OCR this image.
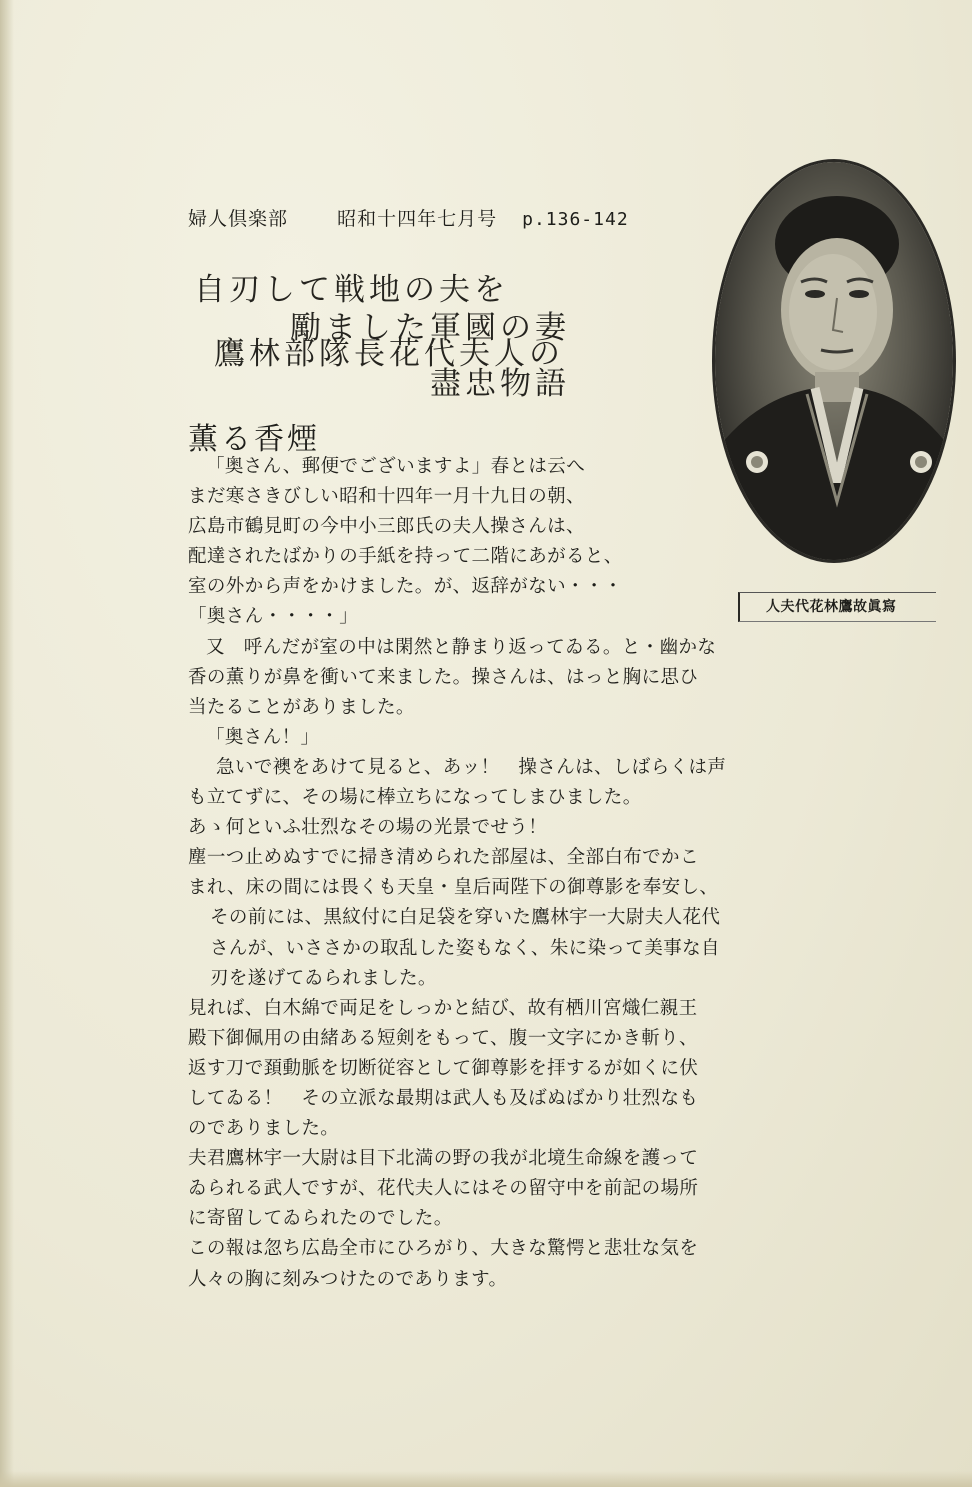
婦人倶楽部	昭和十四年七月号 p.136-142
自刃して戦地の夫を
勵ました軍國の妻
鷹林部隊長花代夫人の
盡忠物語
人夫代花林鷹故眞寫
薫る香煙
「奥さん、郵便でございますよ」春とは云へ
まだ寒さきびしい昭和十四年一月十九日の朝、
広島市鶴見町の今中小三郎氏の夫人操さんは、
配達されたばかりの手紙を持って二階にあがると、
室の外から声をかけました。が、返辞がない・・・
「奥さん・・・・」
又　呼んだが室の中は閑然と静まり返ってゐる。と・幽かな
香の薫りが鼻を衝いて来ました。操さんは、はっと胸に思ひ
当たることがありました。
「奥さん！」
急いで襖をあけて見ると、あッ！　操さんは、しばらくは声
も立てずに、その場に棒立ちになってしまひました。
あゝ何といふ壮烈なその場の光景でせう！
塵一つ止めぬすでに掃き清められた部屋は、全部白布でかこ
まれ、床の間には畏くも天皇・皇后両陛下の御尊影を奉安し、
その前には、黒紋付に白足袋を穿いた鷹林宇一大尉夫人花代
さんが、いささかの取乱した姿もなく、朱に染って美事な自
刃を遂げてゐられました。
見れば、白木綿で両足をしっかと結び、故有栖川宮熾仁親王
殿下御佩用の由緒ある短剣をもって、腹一文字にかき斬り、
返す刀で頚動脈を切断従容として御尊影を拝するが如くに伏
してゐる！　その立派な最期は武人も及ばぬばかり壮烈なも
のでありました。
夫君鷹林宇一大尉は目下北満の野の我が北境生命線を護って
ゐられる武人ですが、花代夫人にはその留守中を前記の場所
に寄留してゐられたのでした。
この報は忽ち広島全市にひろがり、大きな驚愕と悲壮な気を
人々の胸に刻みつけたのであります。
